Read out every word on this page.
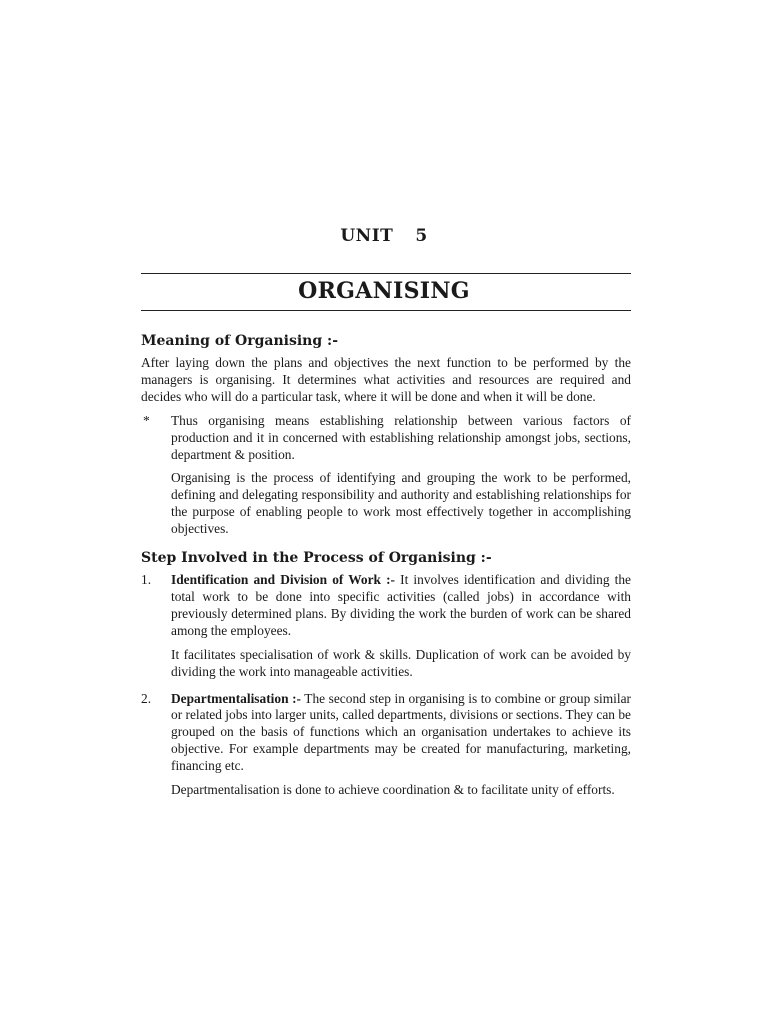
UNIT 5
ORGANISING
Meaning of Organising :-

After laying down the plans and objectives the next function to be performed by the managers is organising. It determines what activities and resources are required and decides who will do a particular task, where it will be done and when it will be done.

* Thus organising means establishing relationship between various factors of production and it in concerned with establishing relationship amongst jobs, sections, department & position.

Organising is the process of identifying and grouping the work to be performed, defining and delegating responsibility and authority and establishing relationships for the purpose of enabling people to work most effectively together in accomplishing objectives.

Step Involved in the Process of Organising :-
1. Identification and Division of Work :- It involves identification and dividing the total work to be done into specific activities (called jobs) in accordance with previously determined plans. By dividing the work the burden of work can be shared among the employees.

It facilitates specialisation of work & skills. Duplication of work can be avoided by dividing the work into manageable activities.

2. Departmentalisation :- The second step in organising is to combine or group similar or related jobs into larger units, called departments, divisions or sections. They can be grouped on the basis of functions which an organisation undertakes to achieve its objective. For example departments may be created for manufacturing, marketing, financing etc.

Departmentalisation is done to achieve coordination & to facilitate unity of efforts.
